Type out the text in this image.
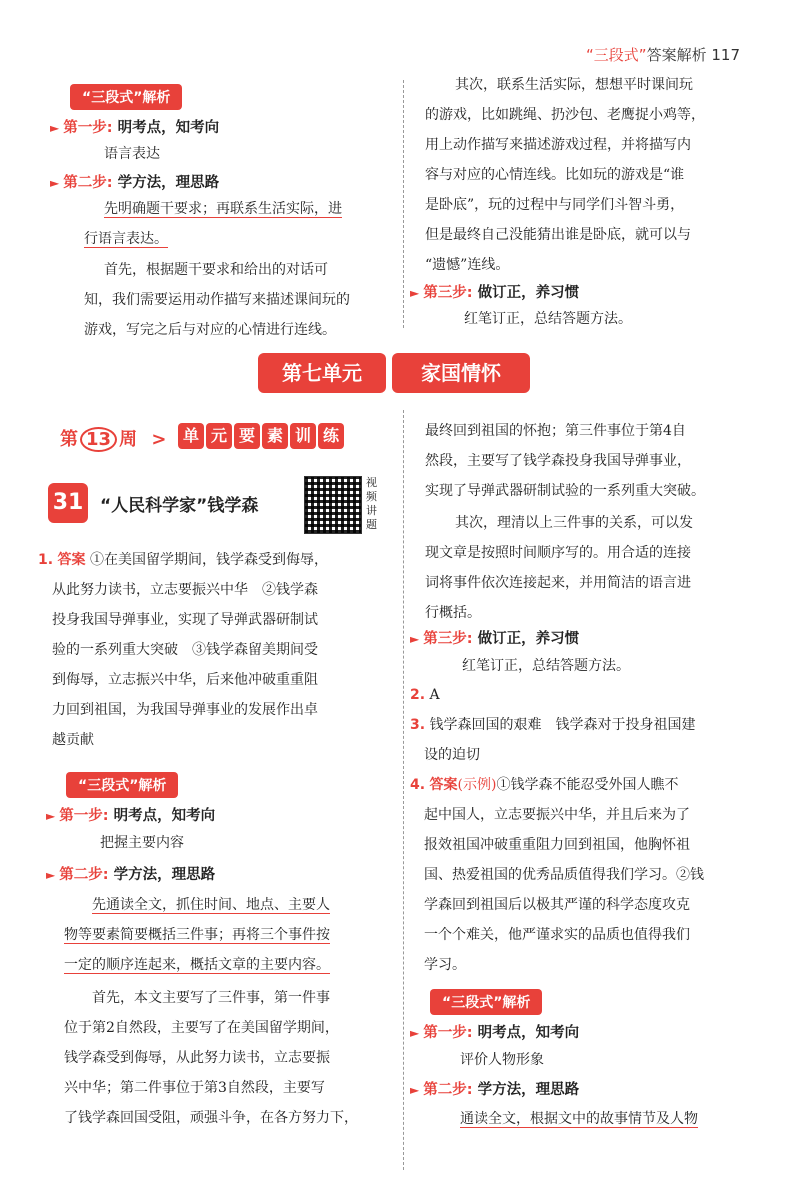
“三段式”答案解析 117
“三段式”解析
► 第一步: 明考点，知考向
语言表达
► 第二步: 学方法，理思路
先明确题干要求；再联系生活实际，进
行语言表达。
首先，根据题干要求和给出的对话可
知，我们需要运用动作描写来描述课间玩的
游戏，写完之后与对应的心情进行连线。
其次，联系生活实际，想想平时课间玩
的游戏，比如跳绳、扔沙包、老鹰捉小鸡等，
用上动作描写来描述游戏过程，并将描写内
容与对应的心情连线。比如玩的游戏是“谁
是卧底”，玩的过程中与同学们斗智斗勇，
但是最终自己没能猜出谁是卧底，就可以与
“遗憾”连线。
► 第三步: 做订正，养习惯
红笔订正，总结答题方法。
第七单元	家国情怀
第 13 周 >	单 元 要 素 训 练
31 “人民科学家”钱学森
视
频
讲
题
1. 答案 ①在美国留学期间，钱学森受到侮辱，
从此努力读书，立志要振兴中华　②钱学森
投身我国导弹事业，实现了导弹武器研制试
验的一系列重大突破　③钱学森留美期间受
到侮辱，立志振兴中华，后来他冲破重重阻
力回到祖国，为我国导弹事业的发展作出卓
越贡献
“三段式”解析
► 第一步: 明考点，知考向
把握主要内容
► 第二步: 学方法，理思路
先通读全文，抓住时间、地点、主要人
物等要素简要概括三件事；再将三个事件按
一定的顺序连起来，概括文章的主要内容。
首先，本文主要写了三件事，第一件事
位于第2自然段，主要写了在美国留学期间，
钱学森受到侮辱，从此努力读书，立志要振
兴中华；第二件事位于第3自然段，主要写
了钱学森回国受阻，顽强斗争，在各方努力下，
最终回到祖国的怀抱；第三件事位于第4自
然段，主要写了钱学森投身我国导弹事业，
实现了导弹武器研制试验的一系列重大突破。
其次，理清以上三件事的关系，可以发
现文章是按照时间顺序写的。用合适的连接
词将事件依次连接起来，并用简洁的语言进
行概括。
► 第三步: 做订正，养习惯
红笔订正，总结答题方法。
2. A
3. 钱学森回国的艰难　钱学森对于投身祖国建
设的迫切
4. 答案(示例)①钱学森不能忍受外国人瞧不
起中国人，立志要振兴中华，并且后来为了
报效祖国冲破重重阻力回到祖国，他胸怀祖
国、热爱祖国的优秀品质值得我们学习。②钱
学森回到祖国后以极其严谨的科学态度攻克
一个个难关，他严谨求实的品质也值得我们
学习。
“三段式”解析
► 第一步: 明考点，知考向
评价人物形象
► 第二步: 学方法，理思路
通读全文，根据文中的故事情节及人物
